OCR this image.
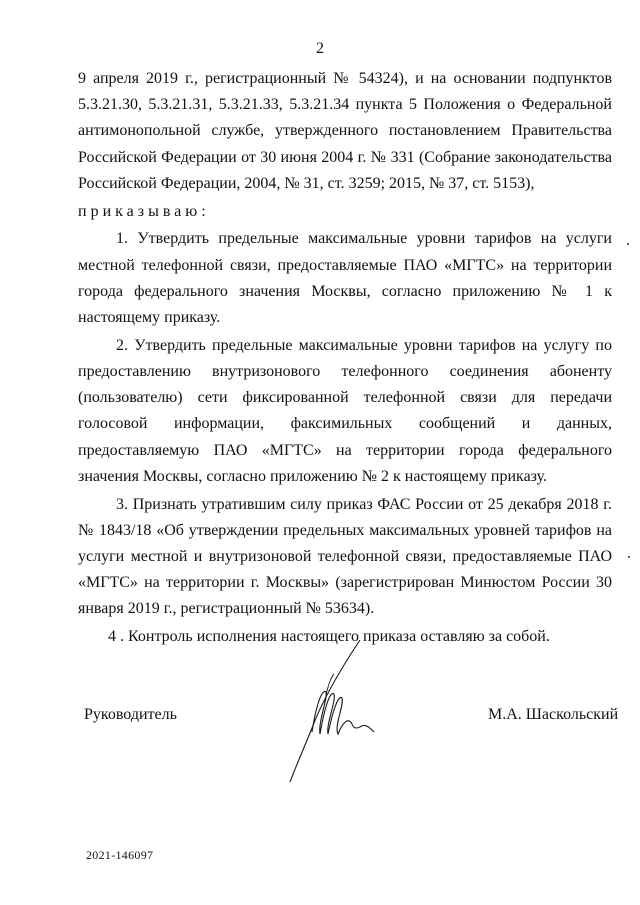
2

9 апреля 2019 г., регистрационный № 54324), и на основании подпунктов 5.3.21.30, 5.3.21.31, 5.3.21.33, 5.3.21.34 пункта 5 Положения о Федеральной антимонопольной службе, утвержденного постановлением Правительства Российской Федерации от 30 июня 2004 г. № 331 (Собрание законодательства Российской Федерации, 2004, № 31, ст. 3259; 2015, № 37, ст. 5153),

приказываю:

1. Утвердить предельные максимальные уровни тарифов на услуги местной телефонной связи, предоставляемые ПАО «МГТС» на территории города федерального значения Москвы, согласно приложению № 1 к настоящему приказу.

2. Утвердить предельные максимальные уровни тарифов на услугу по предоставлению внутризонового телефонного соединения абоненту (пользователю) сети фиксированной телефонной связи для передачи голосовой информации, факсимильных сообщений и данных, предоставляемую ПАО «МГТС» на территории города федерального значения Москвы, согласно приложению № 2 к настоящему приказу.

3. Признать утратившим силу приказ ФАС России от 25 декабря 2018 г. № 1843/18 «Об утверждении предельных максимальных уровней тарифов на услуги местной и внутризоновой телефонной связи, предоставляемые ПАО «МГТС» на территории г. Москвы» (зарегистрирован Минюстом России 30 января 2019 г., регистрационный № 53634).

4 . Контроль исполнения настоящего приказа оставляю за собой.

Руководитель	М.А. Шаскольский
2021-146097
